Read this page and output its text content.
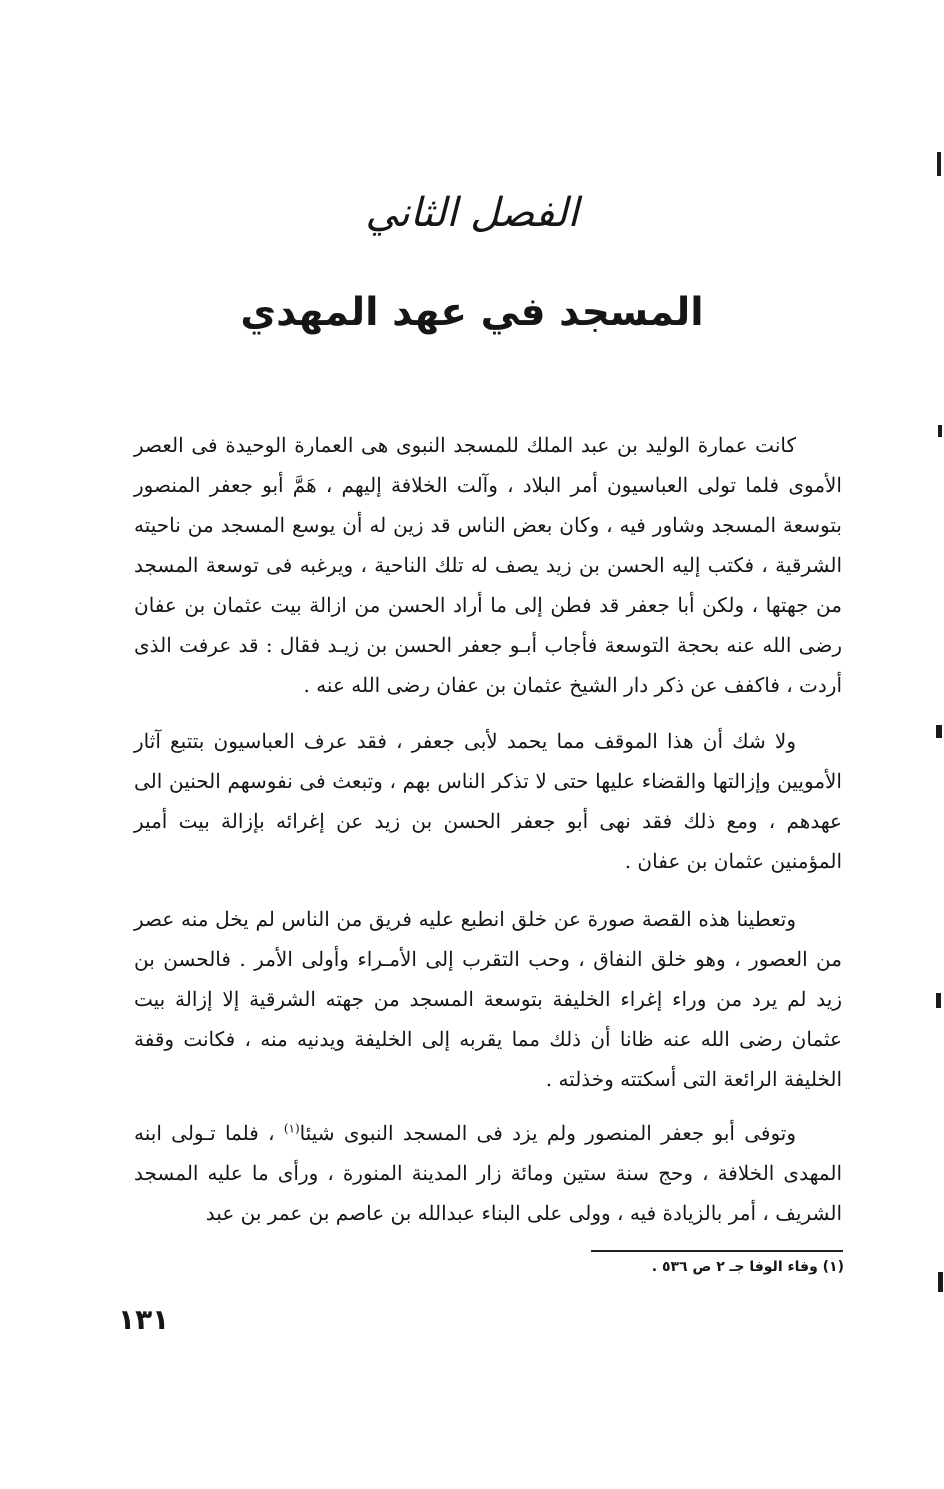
الفصل الثاني
المسجد في عهد المهدي

كانت عمارة الوليد بن عبد الملك للمسجد النبوى هى العمارة الوحيدة فى العصر الأموى فلما تولى العباسيون أمر البلاد ، وآلت الخلافة إليهم ، هَمَّ أبو جعفر المنصور بتوسعة المسجد وشاور فيه ، وكان بعض الناس قد زين له أن يوسع المسجد من ناحيته الشرقية ، فكتب إليه الحسن بن زيد يصف له تلك الناحية ، ويرغبه فى توسعة المسجد من جهتها ، ولكن أبا جعفر قد فطن إلى ما أراد الحسن من ازالة بيت عثمان بن عفان رضى الله عنه بحجة التوسعة فأجاب أبـو جعفر الحسن بن زيـد فقال : قد عرفت الذى أردت ، فاكفف عن ذكر دار الشيخ عثمان بن عفان رضى الله عنه .

ولا شك أن هذا الموقف مما يحمد لأبى جعفر ، فقد عرف العباسيون بتتبع آثار الأمويين وإزالتها والقضاء عليها حتى لا تذكر الناس بهم ، وتبعث فى نفوسهم الحنين الى عهدهم ، ومع ذلك فقد نهى أبو جعفر الحسن بن زيد عن إغرائه بإزالة بيت أمير المؤمنين عثمان بن عفان .

وتعطينا هذه القصة صورة عن خلق انطبع عليه فريق من الناس لم يخل منه عصر من العصور ، وهو خلق النفاق ، وحب التقرب إلى الأمـراء وأولى الأمر . فالحسن بن زيد لم يرد من وراء إغراء الخليفة بتوسعة المسجد من جهته الشرقية إلا إزالة بيت عثمان رضى الله عنه ظانا أن ذلك مما يقربه إلى الخليفة ويدنيه منه ، فكانت وقفة الخليفة الرائعة التى أسكتته وخذلته .

وتوفى أبو جعفر المنصور ولم يزد فى المسجد النبوى شيئا$^{(١)}$ ، فلما تـولى ابنه المهدى الخلافة ، وحج سنة ستين ومائة زار المدينة المنورة ، ورأى ما عليه المسجد الشريف ، أمر بالزيادة فيه ، وولى على البناء عبدالله بن عاصم بن عمر بن عبد

(١) وفاء الوفا جـ ٢ ص ٥٣٦ .

١٣١
